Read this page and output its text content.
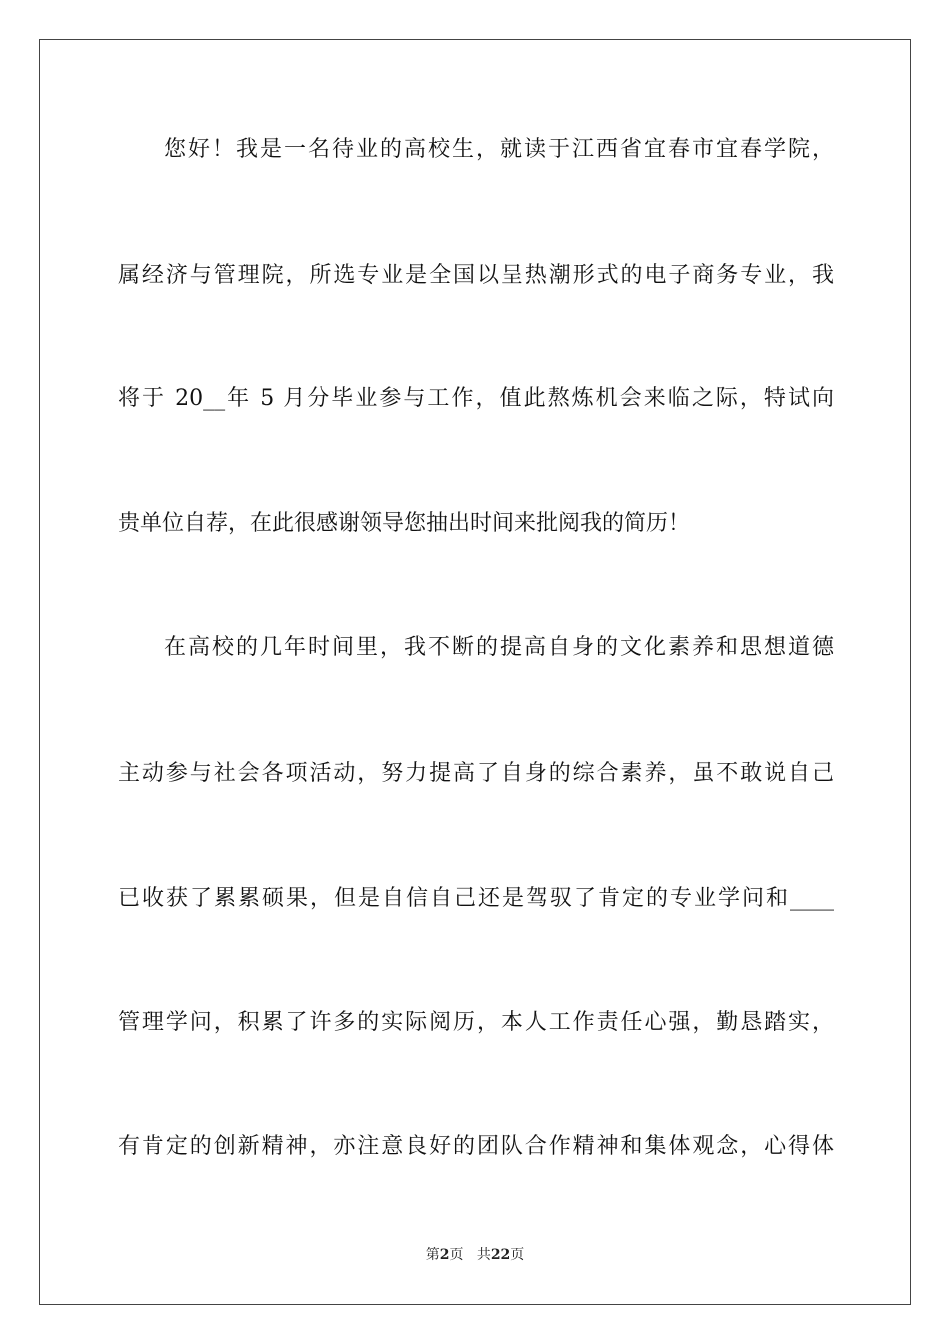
您好！我是一名待业的高校生，就读于江西省宜春市宜春学院，
属经济与管理院，所选专业是全国以呈热潮形式的电子商务专业，我
将于 20__年 5 月分毕业参与工作，值此熬炼机会来临之际，特试向
贵单位自荐，在此很感谢领导您抽出时间来批阅我的简历！
在高校的几年时间里，我不断的提高自身的文化素养和思想道德
主动参与社会各项活动，努力提高了自身的综合素养，虽不敢说自己
已收获了累累硕果，但是自信自己还是驾驭了肯定的专业学问和____
管理学问，积累了许多的实际阅历，本人工作责任心强，勤恳踏实，
有肯定的创新精神，亦注意良好的团队合作精神和集体观念，心得体
第2页 共22页
